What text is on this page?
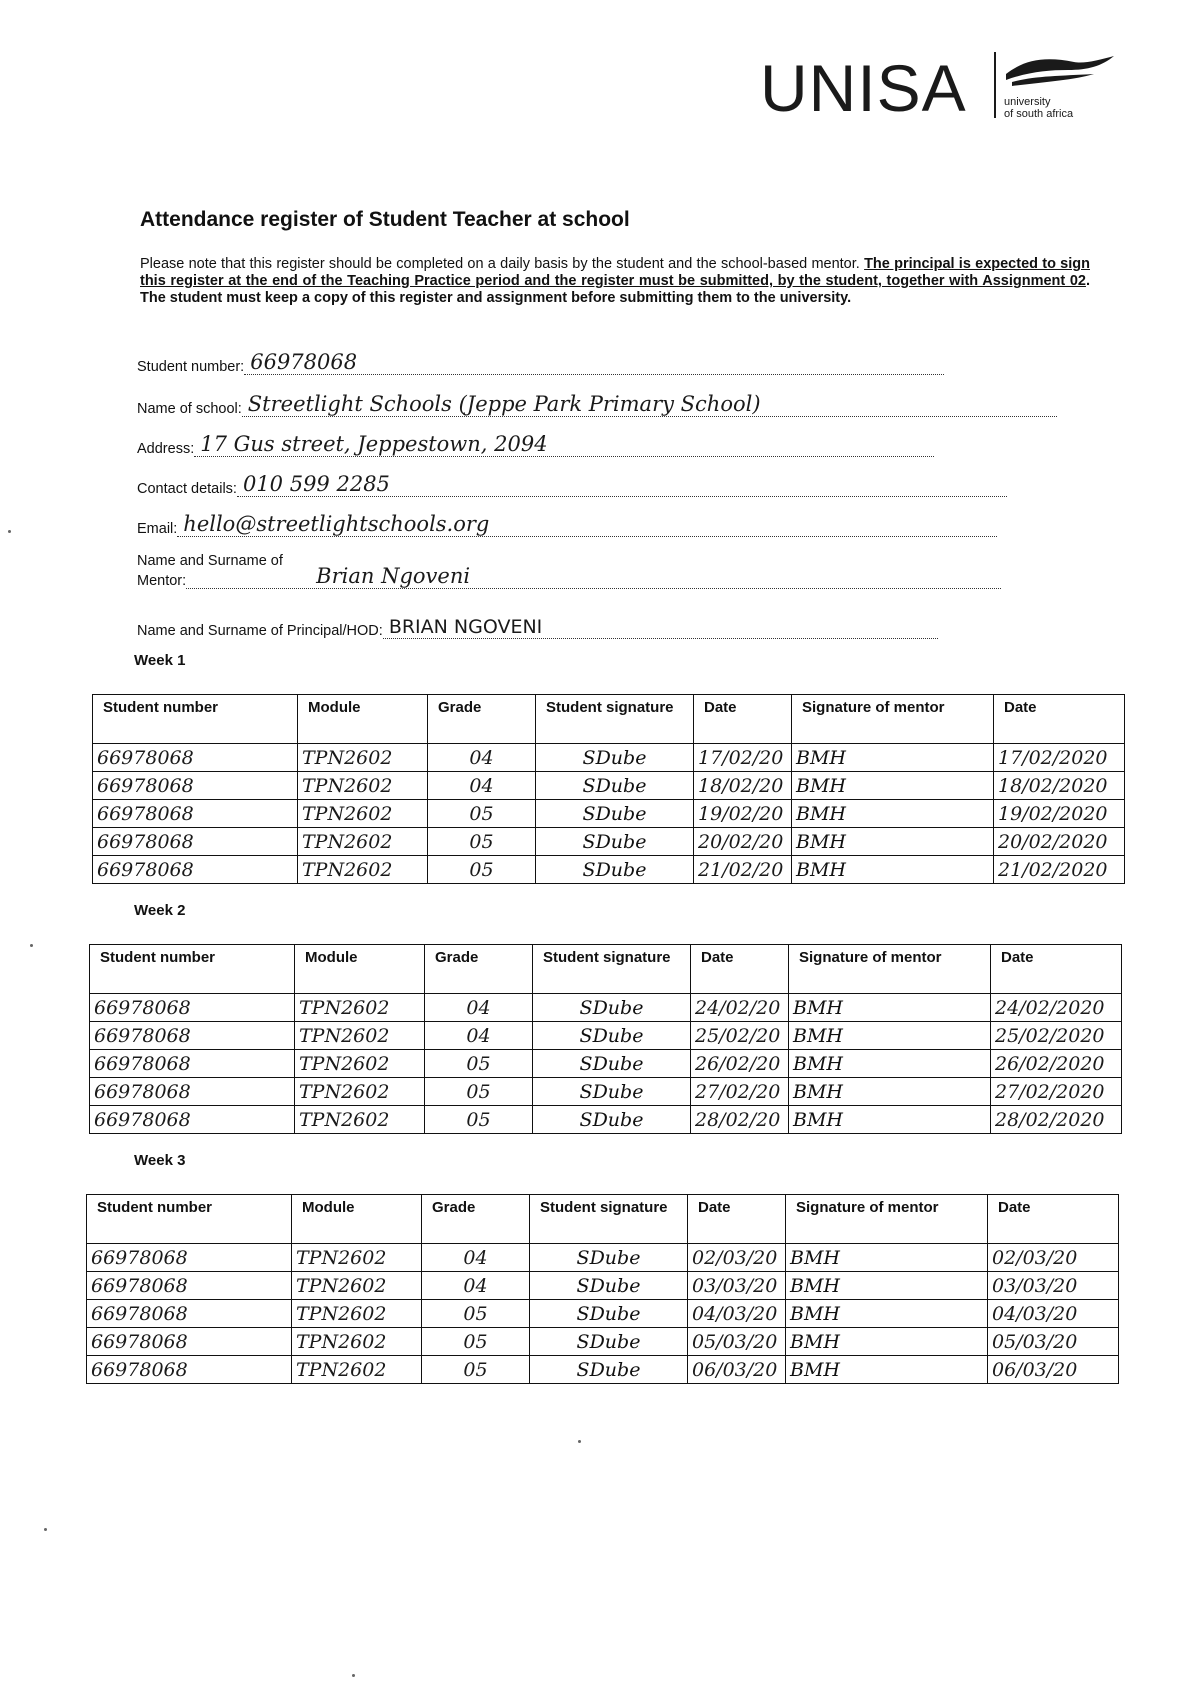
UNISA	university
of south africa
Attendance register of Student Teacher at school
Please note that this register should be completed on a daily basis by the student and the school-based mentor. The principal is expected to sign this register at the end of the Teaching Practice period and the register must be submitted, by the student, together with Assignment 02. The student must keep a copy of this register and assignment before submitting them to the university.
Student number: 66978068
Name of school: Streetlight Schools (Jeppe Park Primary School)
Address: 17 Gus street, Jeppestown, 2094
Contact details: 010 599 2285
Email: hello@streetlightschools.org
Name and Surname of
Mentor:	Brian Ngoveni
Name and Surname of Principal/HOD: BRIAN NGOVENI
Week 1
Student number	Module	Grade	Student signature	Date	Signature of mentor	Date
66978068	TPN2602	04	SDube	17/02/20	BMH	17/02/2020
66978068	TPN2602	04	SDube	18/02/20	BMH	18/02/2020
66978068	TPN2602	05	SDube	19/02/20	BMH	19/02/2020
66978068	TPN2602	05	SDube	20/02/20	BMH	20/02/2020
66978068	TPN2602	05	SDube	21/02/20	BMH	21/02/2020
Week 2
Student number	Module	Grade	Student signature	Date	Signature of mentor	Date
66978068	TPN2602	04	SDube	24/02/20	BMH	24/02/2020
66978068	TPN2602	04	SDube	25/02/20	BMH	25/02/2020
66978068	TPN2602	05	SDube	26/02/20	BMH	26/02/2020
66978068	TPN2602	05	SDube	27/02/20	BMH	27/02/2020
66978068	TPN2602	05	SDube	28/02/20	BMH	28/02/2020
Week 3
Student number	Module	Grade	Student signature	Date	Signature of mentor	Date
66978068	TPN2602	04	SDube	02/03/20	BMH	02/03/20
66978068	TPN2602	04	SDube	03/03/20	BMH	03/03/20
66978068	TPN2602	05	SDube	04/03/20	BMH	04/03/20
66978068	TPN2602	05	SDube	05/03/20	BMH	05/03/20
66978068	TPN2602	05	SDube	06/03/20	BMH	06/03/20
